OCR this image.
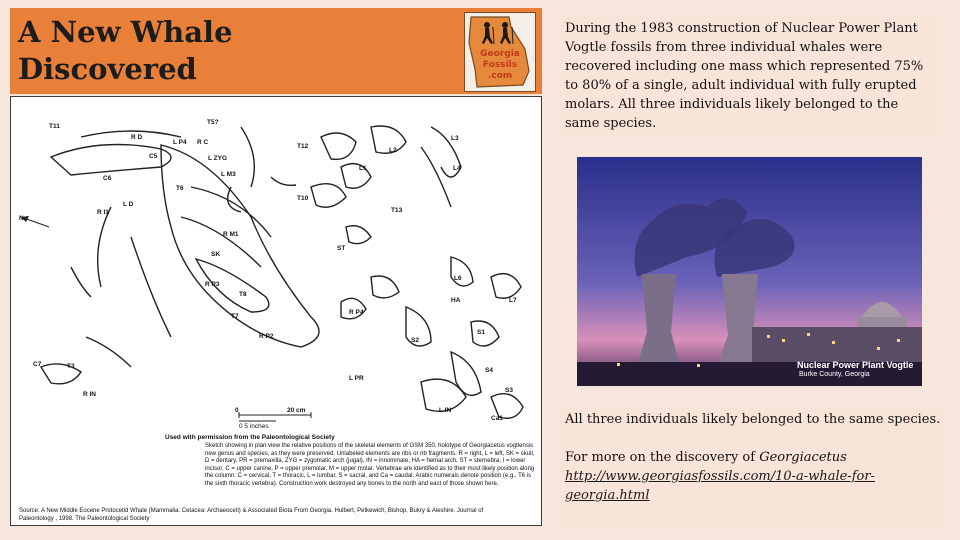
A New Whale
Discovered	Georgia
Fossils
.com
T11
T5?
R D
L P4 R C
T12
L3
L2
L ZYG
C5
L M3
C6
L1	L4
T6
T10
L D
R I1	T13
N
R M1
ST
SK
L6
R P3
T8
HA	L7
T7
R P4
S1
R P2
S2
L PR
C7	T3
S4
S3
R IN
L IN
Ca1
0	20 cm
0 5 inches
Used with permission from the Paleontological Society
Sketch showing in plan view the relative positions of the skeletal elements of GSM 350, holotype of Georgiacetus vogtlensis new genus and species, as they were preserved. Unlabeled elements are ribs or rib fragments. R = right, L = left, SK = skull, D = dentary, PR = premaxilla, ZYG = zygomatic arch (jugal), IN = innominate, HA = hemal arch, ST = sternebra, I = lower incisor, C = upper canine, P = upper premolar, M = upper molar. Vertebrae are identified as to their most likely position along the column: C = cervical, T = thoracic, L = lumbar, S = sacral, and Ca = caudal. Arabic numerals denote position (e.g., T6 is the sixth thoracic vertebra). Construction work destroyed any bones to the north and east of those shown here.
Source: A New Middle Eocene Protocetid Whale (Mammalia: Cetacea: Archaeoceti) & Associated Biota From Georgia. Hulbert, Petkewich, Bishop, Bukry & Aleshire. Journal of Paleontology , 1998. The Paleontological Society
During the 1983 construction of Nuclear Power Plant Vogtle fossils from three individual whales were recovered including one mass which represented 75% to 80% of a single, adult individual with fully erupted molars. All three individuals likely belonged to the same species.
Nuclear Power Plant Vogtle
Burke County, Georgia

All three individuals likely belonged to the same species.

For more on the discovery of Georgiacetus

http://www.georgiasfossils.com/10-a-whale-for-georgia.html
